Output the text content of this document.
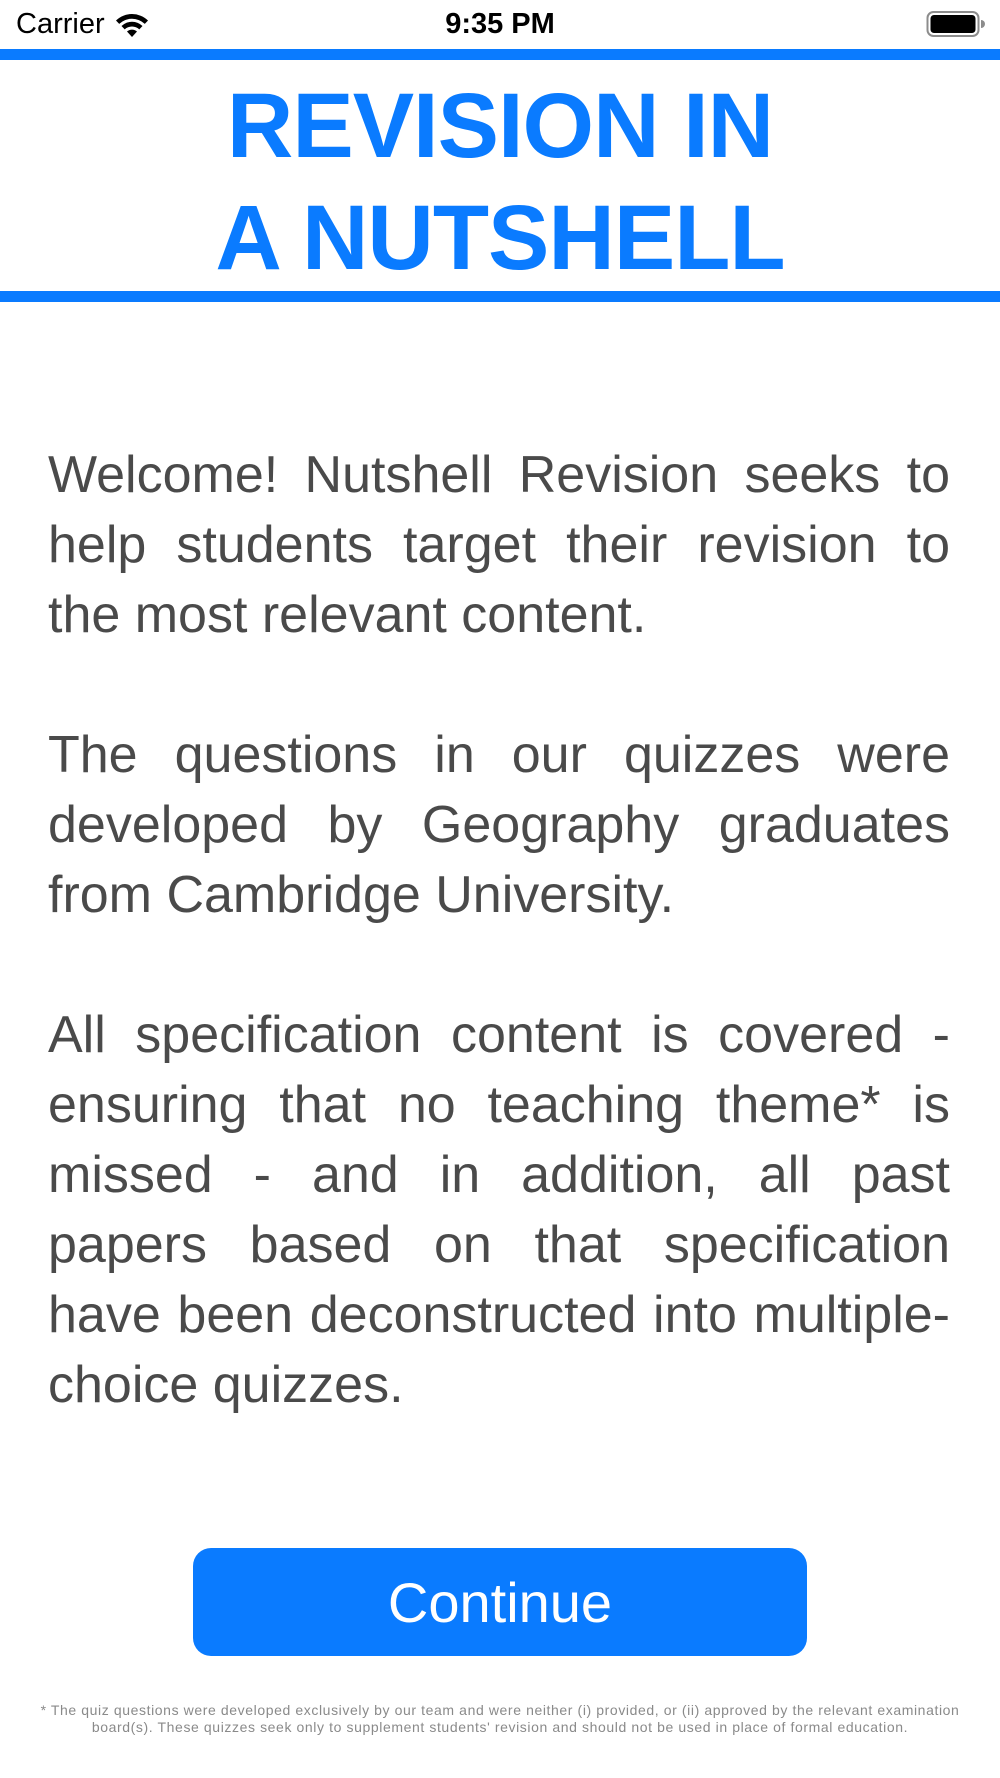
Carrier	9:35 PM
REVISION IN
A NUTSHELL

Welcome! Nutshell Revision seeks to help students target their revision to the most relevant content.

The questions in our quizzes were developed by Geography graduates from Cambridge University.

All specification content is covered - ensuring that no teaching theme* is missed - and in addition, all past papers based on that specification have been deconstructed into multiple-choice quizzes.

Continue
* The quiz questions were developed exclusively by our team and were neither (i) provided, or (ii) approved by the relevant examination board(s). These quizzes seek only to supplement students' revision and should not be used in place of formal education.
